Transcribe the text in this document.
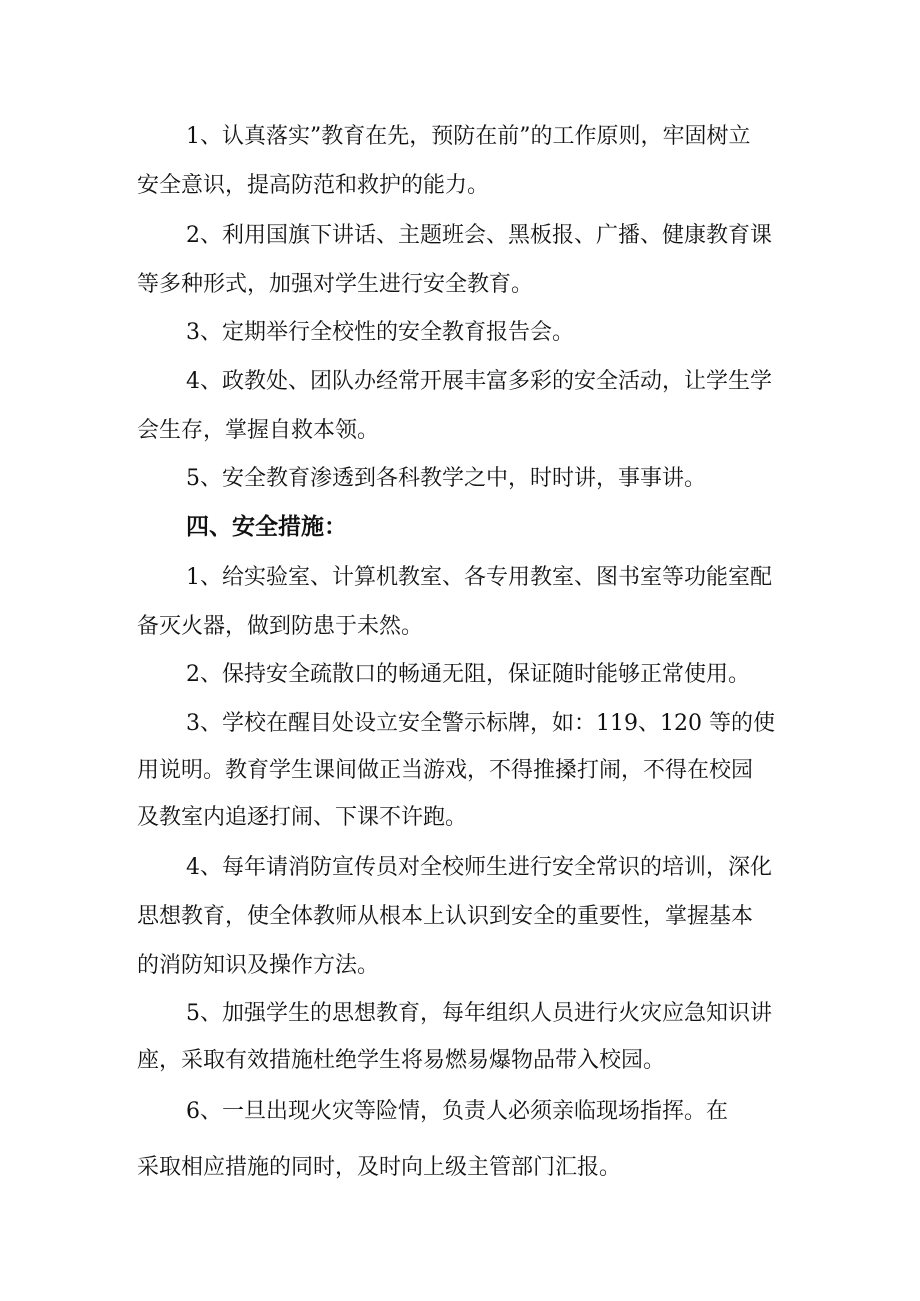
1、认真落实”教育在先，预防在前”的工作原则，牢固树立
安全意识，提高防范和救护的能力。
2、利用国旗下讲话、主题班会、黑板报、广播、健康教育课
等多种形式，加强对学生进行安全教育。
3、定期举行全校性的安全教育报告会。
4、政教处、团队办经常开展丰富多彩的安全活动，让学生学
会生存，掌握自救本领。
5、安全教育渗透到各科教学之中，时时讲，事事讲。
四、安全措施：
1、给实验室、计算机教室、各专用教室、图书室等功能室配
备灭火器，做到防患于未然。
2、保持安全疏散口的畅通无阻，保证随时能够正常使用。
3、学校在醒目处设立安全警示标牌，如：119、120 等的使
用说明。教育学生课间做正当游戏，不得推搡打闹，不得在校园
及教室内追逐打闹、下课不许跑。
4、每年请消防宣传员对全校师生进行安全常识的培训，深化
思想教育，使全体教师从根本上认识到安全的重要性，掌握基本
的消防知识及操作方法。
5、加强学生的思想教育，每年组织人员进行火灾应急知识讲
座，采取有效措施杜绝学生将易燃易爆物品带入校园。
6、一旦出现火灾等险情，负责人必须亲临现场指挥。在
采取相应措施的同时，及时向上级主管部门汇报。
